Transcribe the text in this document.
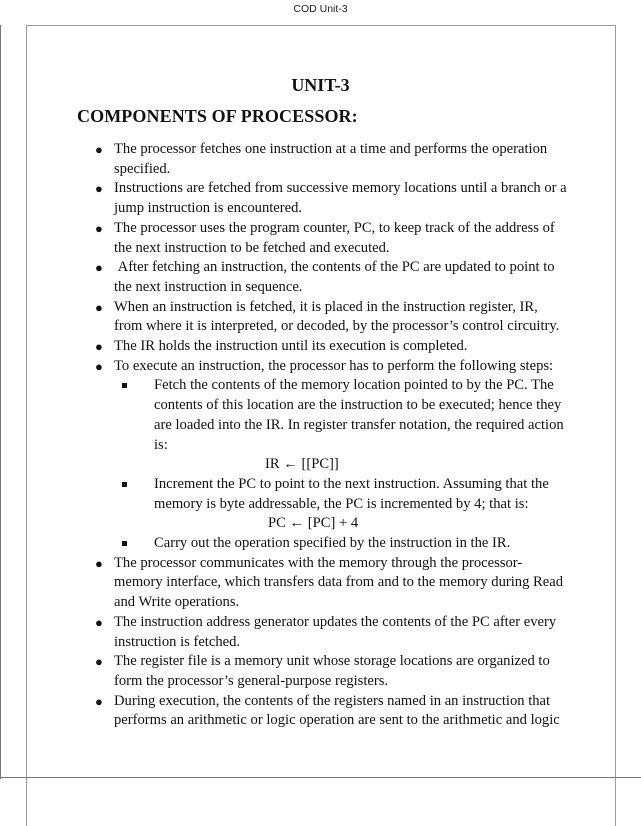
COD Unit-3
UNIT-3
COMPONENTS OF PROCESSOR:
● The processor fetches one instruction at a time and performs the operation specified.
● Instructions are fetched from successive memory locations until a branch or a jump instruction is encountered.
● The processor uses the program counter, PC, to keep track of the address of the next instruction to be fetched and executed.
● After fetching an instruction, the contents of the PC are updated to point to the next instruction in sequence.
● When an instruction is fetched, it is placed in the instruction register, IR, from where it is interpreted, or decoded, by the processor’s control circuitry.
● The IR holds the instruction until its execution is completed.
● To execute an instruction, the processor has to perform the following steps:
Fetch the contents of the memory location pointed to by the PC. The contents of this location are the instruction to be executed; hence they are loaded into the IR. In register transfer notation, the required action is:
IR ← [[PC]]
Increment the PC to point to the next instruction. Assuming that the memory is byte addressable, the PC is incremented by 4; that is:
PC ← [PC] + 4
Carry out the operation specified by the instruction in the IR.
● The processor communicates with the memory through the processor-memory interface, which transfers data from and to the memory during Read and Write operations.
● The instruction address generator updates the contents of the PC after every instruction is fetched.
● The register file is a memory unit whose storage locations are organized to form the processor’s general-purpose registers.
● During execution, the contents of the registers named in an instruction that performs an arithmetic or logic operation are sent to the arithmetic and logic
